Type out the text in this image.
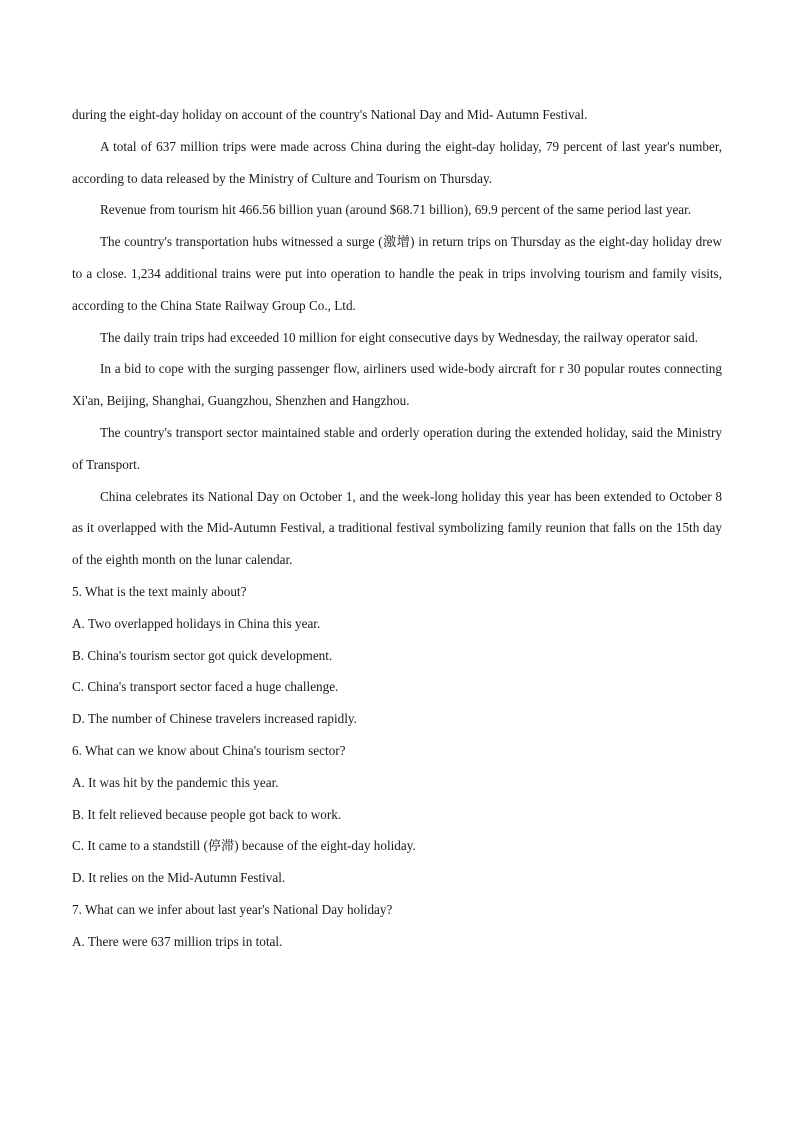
during the eight-day holiday on account of the country's National Day and Mid- Autumn Festival.

A total of 637 million trips were made across China during the eight-day holiday, 79 percent of last year's number, according to data released by the Ministry of Culture and Tourism on Thursday.

Revenue from tourism hit 466.56 billion yuan (around $68.71 billion), 69.9 percent of the same period last year.

The country's transportation hubs witnessed a surge (激增) in return trips on Thursday as the eight-day holiday drew to a close. 1,234 additional trains were put into operation to handle the peak in trips involving tourism and family visits, according to the China State Railway Group Co., Ltd.

The daily train trips had exceeded 10 million for eight consecutive days by Wednesday, the railway operator said.

In a bid to cope with the surging passenger flow, airliners used wide-body aircraft for r 30 popular routes connecting Xi'an, Beijing, Shanghai, Guangzhou, Shenzhen and Hangzhou.

The country's transport sector maintained stable and orderly operation during the extended holiday, said the Ministry of Transport.

China celebrates its National Day on October 1, and the week-long holiday this year has been extended to October 8 as it overlapped with the Mid-Autumn Festival, a traditional festival symbolizing family reunion that falls on the 15th day of the eighth month on the lunar calendar.

5. What is the text mainly about?

A. Two overlapped holidays in China this year.

B. China's tourism sector got quick development.

C. China's transport sector faced a huge challenge.

D. The number of Chinese travelers increased rapidly.

6. What can we know about China's tourism sector?

A. It was hit by the pandemic this year.

B. It felt relieved because people got back to work.

C. It came to a standstill (停滞) because of the eight-day holiday.

D. It relies on the Mid-Autumn Festival.

7. What can we infer about last year's National Day holiday?

A. There were 637 million trips in total.
